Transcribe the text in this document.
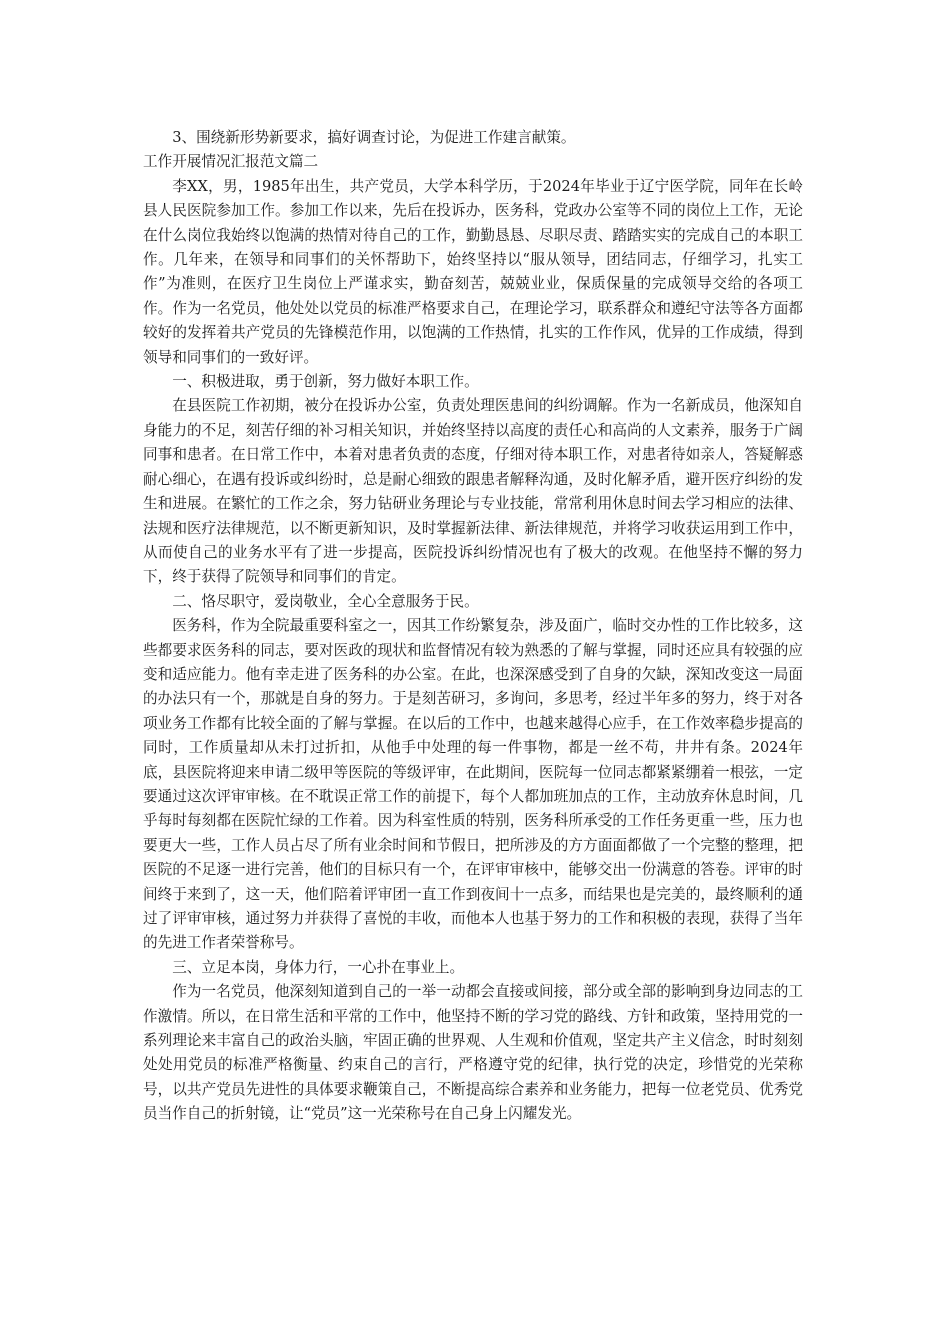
3、围绕新形势新要求，搞好调查讨论，为促进工作建言献策。

工作开展情况汇报范文篇二

李XX，男，1985年出生，共产党员，大学本科学历，于2024年毕业于辽宁医学院，同年在长岭县人民医院参加工作。参加工作以来，先后在投诉办，医务科，党政办公室等不同的岗位上工作，无论在什么岗位我始终以饱满的热情对待自己的工作，勤勤恳恳、尽职尽责、踏踏实实的完成自己的本职工作。几年来，在领导和同事们的关怀帮助下，始终坚持以“服从领导，团结同志，仔细学习，扎实工作”为准则，在医疗卫生岗位上严谨求实，勤奋刻苦，兢兢业业，保质保量的完成领导交给的各项工作。作为一名党员，他处处以党员的标准严格要求自己，在理论学习，联系群众和遵纪守法等各方面都较好的发挥着共产党员的先锋模范作用，以饱满的工作热情，扎实的工作作风，优异的工作成绩，得到领导和同事们的一致好评。

一、积极进取，勇于创新，努力做好本职工作。

在县医院工作初期，被分在投诉办公室，负责处理医患间的纠纷调解。作为一名新成员，他深知自身能力的不足，刻苦仔细的补习相关知识，并始终坚持以高度的责任心和高尚的人文素养，服务于广阔同事和患者。在日常工作中，本着对患者负责的态度，仔细对待本职工作，对患者待如亲人，答疑解惑耐心细心，在遇有投诉或纠纷时，总是耐心细致的跟患者解释沟通，及时化解矛盾，避开医疗纠纷的发生和进展。在繁忙的工作之余，努力钻研业务理论与专业技能，常常利用休息时间去学习相应的法律、法规和医疗法律规范，以不断更新知识，及时掌握新法律、新法律规范，并将学习收获运用到工作中，从而使自己的业务水平有了进一步提高，医院投诉纠纷情况也有了极大的改观。在他坚持不懈的努力下，终于获得了院领导和同事们的肯定。

二、恪尽职守，爱岗敬业，全心全意服务于民。

医务科，作为全院最重要科室之一，因其工作纷繁复杂，涉及面广，临时交办性的工作比较多，这些都要求医务科的同志，要对医政的现状和监督情况有较为熟悉的了解与掌握，同时还应具有较强的应变和适应能力。他有幸走进了医务科的办公室。在此，也深深感受到了自身的欠缺，深知改变这一局面的办法只有一个，那就是自身的努力。于是刻苦研习，多询问，多思考，经过半年多的努力，终于对各项业务工作都有比较全面的了解与掌握。在以后的工作中，也越来越得心应手，在工作效率稳步提高的同时，工作质量却从未打过折扣，从他手中处理的每一件事物，都是一丝不苟，井井有条。2024年底，县医院将迎来申请二级甲等医院的等级评审，在此期间，医院每一位同志都紧紧绷着一根弦，一定要通过这次评审审核。在不耽误正常工作的前提下，每个人都加班加点的工作，主动放弃休息时间，几乎每时每刻都在医院忙绿的工作着。因为科室性质的特别，医务科所承受的工作任务更重一些，压力也要更大一些，工作人员占尽了所有业余时间和节假日，把所涉及的方方面面都做了一个完整的整理，把医院的不足逐一进行完善，他们的目标只有一个，在评审审核中，能够交出一份满意的答卷。评审的时间终于来到了，这一天，他们陪着评审团一直工作到夜间十一点多，而结果也是完美的，最终顺利的通过了评审审核，通过努力并获得了喜悦的丰收，而他本人也基于努力的工作和积极的表现，获得了当年的先进工作者荣誉称号。

三、立足本岗，身体力行，一心扑在事业上。

作为一名党员，他深刻知道到自己的一举一动都会直接或间接，部分或全部的影响到身边同志的工作激情。所以，在日常生活和平常的工作中，他坚持不断的学习党的路线、方针和政策，坚持用党的一系列理论来丰富自己的政治头脑，牢固正确的世界观、人生观和价值观，坚定共产主义信念，时时刻刻处处用党员的标准严格衡量、约束自己的言行，严格遵守党的纪律，执行党的决定，珍惜党的光荣称号，以共产党员先进性的具体要求鞭策自己，不断提高综合素养和业务能力，把每一位老党员、优秀党员当作自己的折射镜，让“党员”这一光荣称号在自己身上闪耀发光。
